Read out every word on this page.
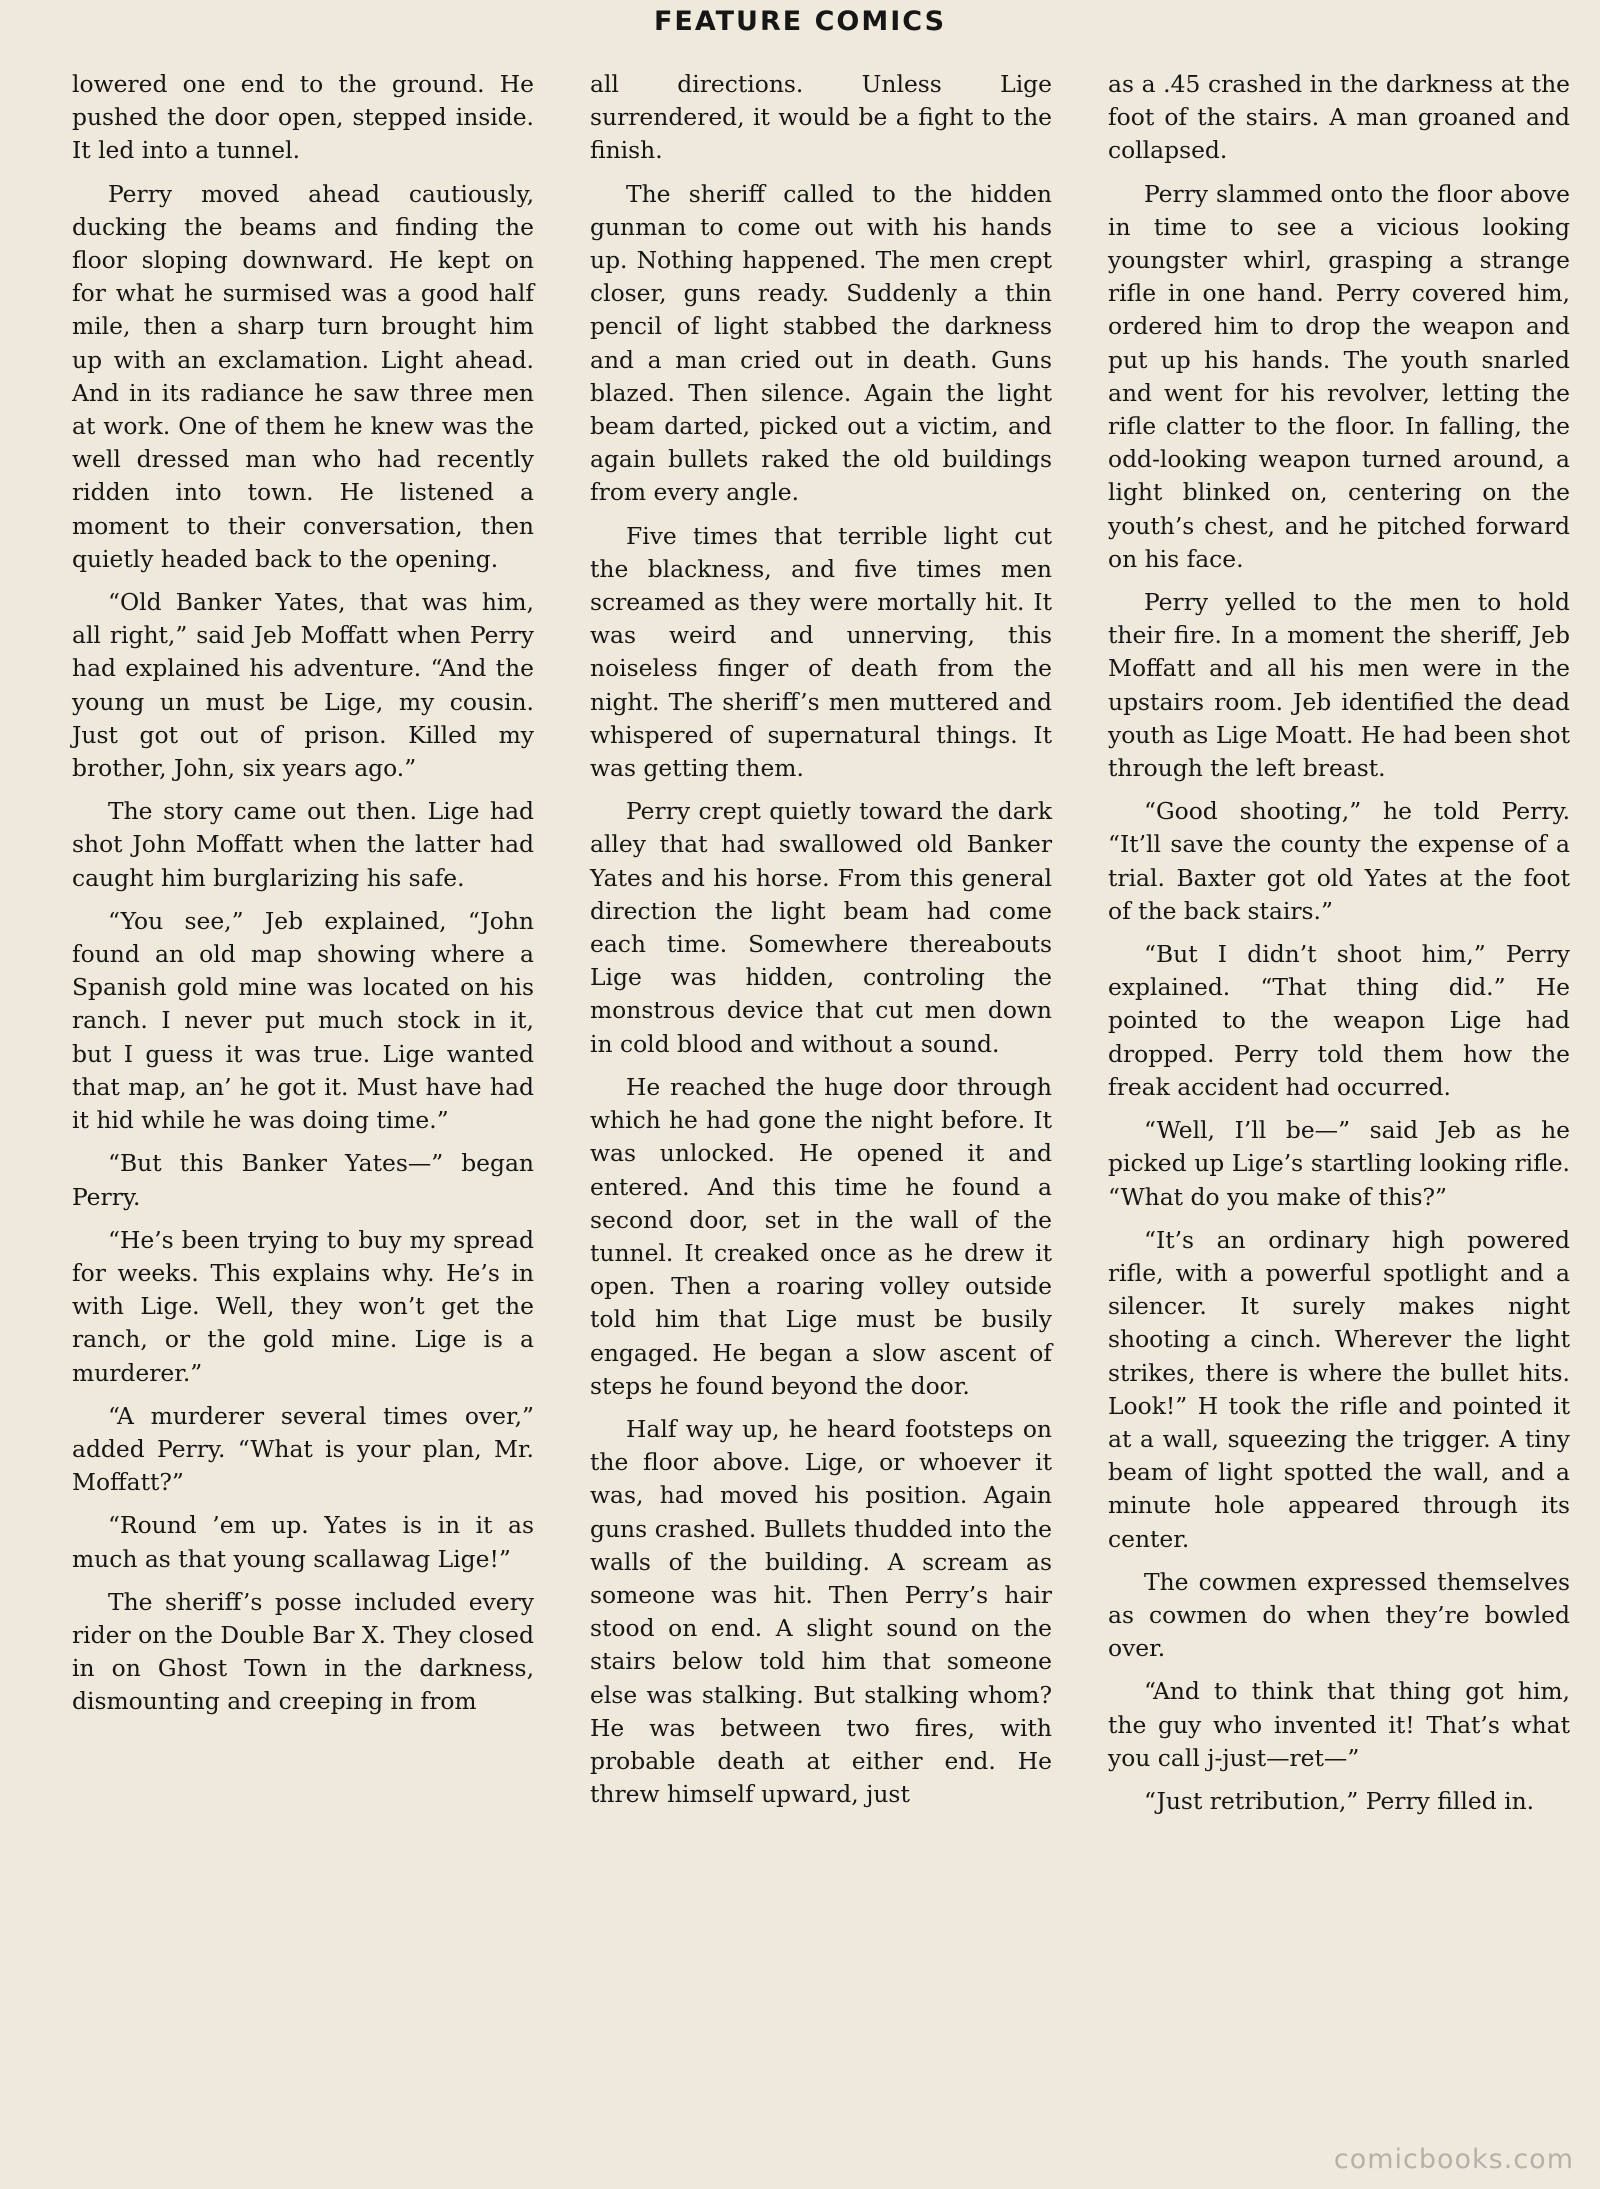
FEATURE COMICS

lowered one end to the ground. He pushed the door open, stepped inside. It led into a tunnel.

Perry moved ahead cautiously, ducking the beams and finding the floor sloping downward. He kept on for what he surmised was a good half mile, then a sharp turn brought him up with an exclamation. Light ahead. And in its radiance he saw three men at work. One of them he knew was the well dressed man who had recently ridden into town. He listened a moment to their conversation, then quietly headed back to the opening.

“Old Banker Yates, that was him, all right,” said Jeb Moffatt when Perry had explained his adventure. “And the young un must be Lige, my cousin. Just got out of prison. Killed my brother, John, six years ago.”

The story came out then. Lige had shot John Moffatt when the latter had caught him burglarizing his safe.

“You see,” Jeb explained, “John found an old map showing where a Spanish gold mine was located on his ranch. I never put much stock in it, but I guess it was true. Lige wanted that map, an’ he got it. Must have had it hid while he was doing time.”

“But this Banker Yates—” began Perry.

“He’s been trying to buy my spread for weeks. This explains why. He’s in with Lige. Well, they won’t get the ranch, or the gold mine. Lige is a murderer.”

“A murderer several times over,” added Perry. “What is your plan, Mr. Moffatt?”

“Round ’em up. Yates is in it as much as that young scallawag Lige!”

The sheriff’s posse included every rider on the Double Bar X. They closed in on Ghost Town in the darkness, dismounting and creeping in from

all directions. Unless Lige surrendered, it would be a fight to the finish.

The sheriff called to the hidden gunman to come out with his hands up. Nothing happened. The men crept closer, guns ready. Suddenly a thin pencil of light stabbed the darkness and a man cried out in death. Guns blazed. Then silence. Again the light beam darted, picked out a victim, and again bullets raked the old buildings from every angle.

Five times that terrible light cut the blackness, and five times men screamed as they were mortally hit. It was weird and unnerving, this noiseless finger of death from the night. The sheriff’s men muttered and whispered of supernatural things. It was getting them.

Perry crept quietly toward the dark alley that had swallowed old Banker Yates and his horse. From this general direction the light beam had come each time. Somewhere thereabouts Lige was hidden, controling the monstrous device that cut men down in cold blood and without a sound.

He reached the huge door through which he had gone the night before. It was unlocked. He opened it and entered. And this time he found a second door, set in the wall of the tunnel. It creaked once as he drew it open. Then a roaring volley outside told him that Lige must be busily engaged. He began a slow ascent of steps he found beyond the door.

Half way up, he heard footsteps on the floor above. Lige, or whoever it was, had moved his position. Again guns crashed. Bullets thudded into the walls of the building. A scream as someone was hit. Then Perry’s hair stood on end. A slight sound on the stairs below told him that someone else was stalking. But stalking whom? He was between two fires, with probable death at either end. He threw himself upward, just

as a .45 crashed in the darkness at the foot of the stairs. A man groaned and collapsed.

Perry slammed onto the floor above in time to see a vicious looking youngster whirl, grasping a strange rifle in one hand. Perry covered him, ordered him to drop the weapon and put up his hands. The youth snarled and went for his revolver, letting the rifle clatter to the floor. In falling, the odd-looking weapon turned around, a light blinked on, centering on the youth’s chest, and he pitched forward on his face.

Perry yelled to the men to hold their fire. In a moment the sheriff, Jeb Moffatt and all his men were in the upstairs room. Jeb identified the dead youth as Lige Moatt. He had been shot through the left breast.

“Good shooting,” he told Perry. “It’ll save the county the expense of a trial. Baxter got old Yates at the foot of the back stairs.”

“But I didn’t shoot him,” Perry explained. “That thing did.” He pointed to the weapon Lige had dropped. Perry told them how the freak accident had occurred.

“Well, I’ll be—” said Jeb as he picked up Lige’s startling looking rifle. “What do you make of this?”

“It’s an ordinary high powered rifle, with a powerful spotlight and a silencer. It surely makes night shooting a cinch. Wherever the light strikes, there is where the bullet hits. Look!” H took the rifle and pointed it at a wall, squeezing the trigger. A tiny beam of light spotted the wall, and a minute hole appeared through its center.

The cowmen expressed themselves as cowmen do when they’re bowled over.

“And to think that thing got him, the guy who invented it! That’s what you call j-just—ret—”

“Just retribution,” Perry filled in.

comicbooks.com
